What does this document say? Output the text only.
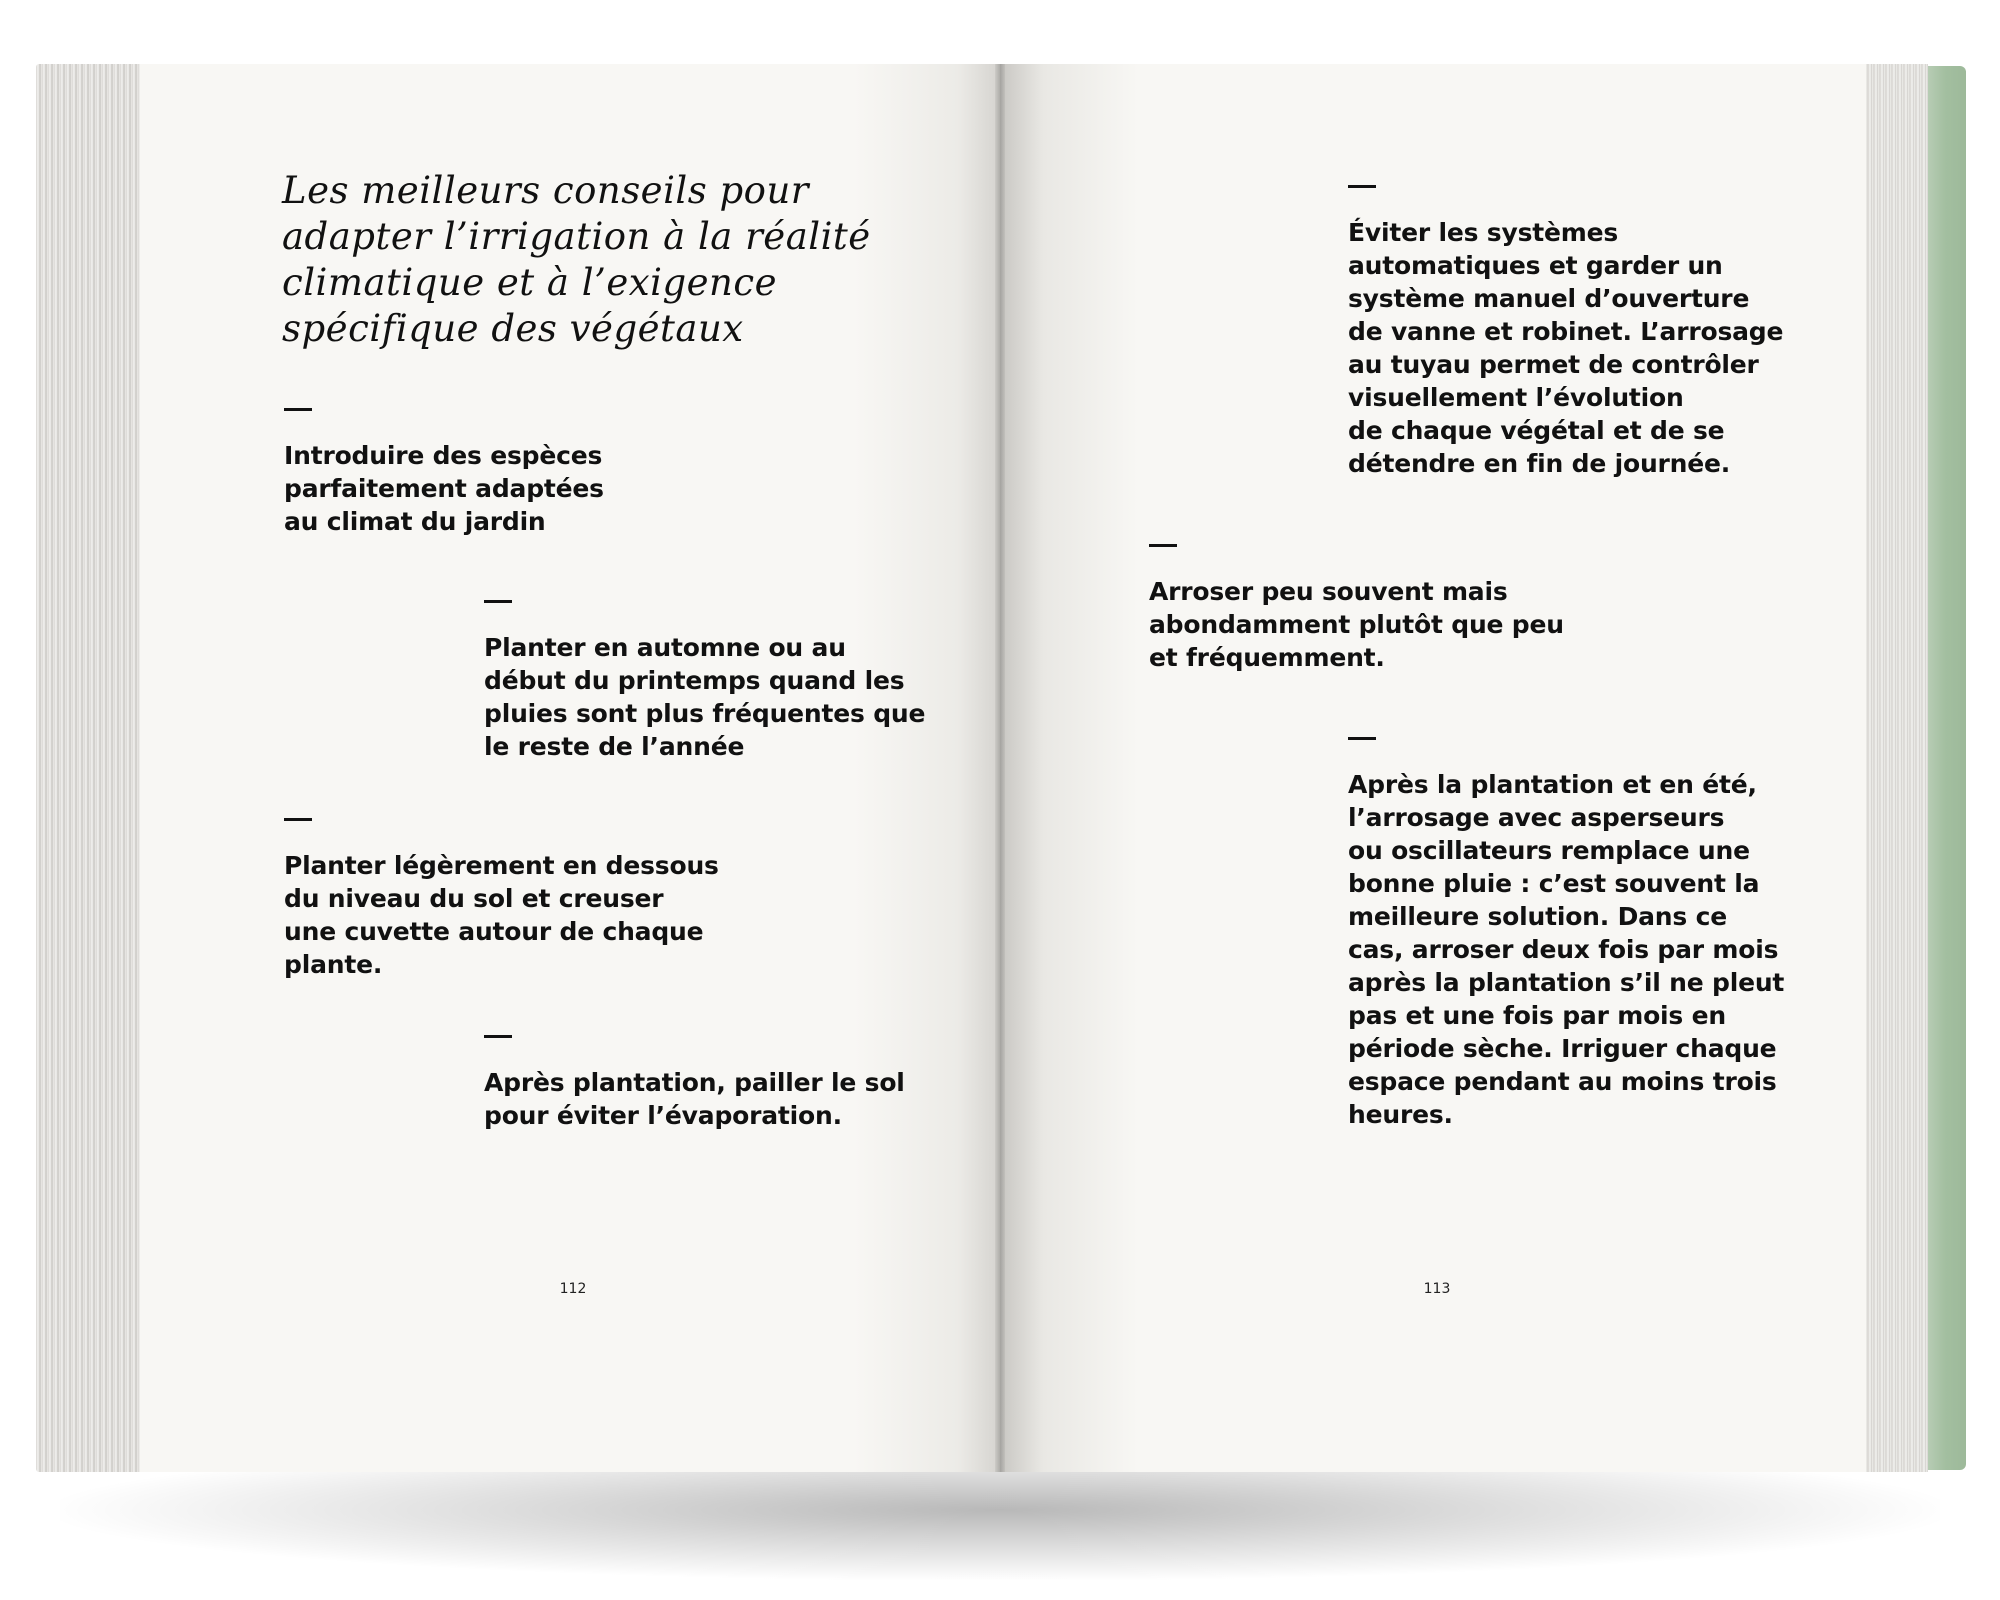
Les meilleurs conseils pour adapter l’irrigation à la réalité climatique et à l’exigence spécifique des végétaux
Introduire des espèces
parfaitement adaptées
au climat du jardin
Planter en automne ou au
début du printemps quand les
pluies sont plus fréquentes que
le reste de l’année
Planter légèrement en dessous
du niveau du sol et creuser
une cuvette autour de chaque
plante.
Après plantation, pailler le sol
pour éviter l’évaporation.
112
Éviter les systèmes
automatiques et garder un
système manuel d’ouverture
de vanne et robinet. L’arrosage
au tuyau permet de contrôler
visuellement l’évolution
de chaque végétal et de se
détendre en fin de journée.
Arroser peu souvent mais
abondamment plutôt que peu
et fréquemment.
Après la plantation et en été,
l’arrosage avec asperseurs
ou oscillateurs remplace une
bonne pluie : c’est souvent la
meilleure solution. Dans ce
cas, arroser deux fois par mois
après la plantation s’il ne pleut
pas et une fois par mois en
période sèche. Irriguer chaque
espace pendant au moins trois
heures.
113
